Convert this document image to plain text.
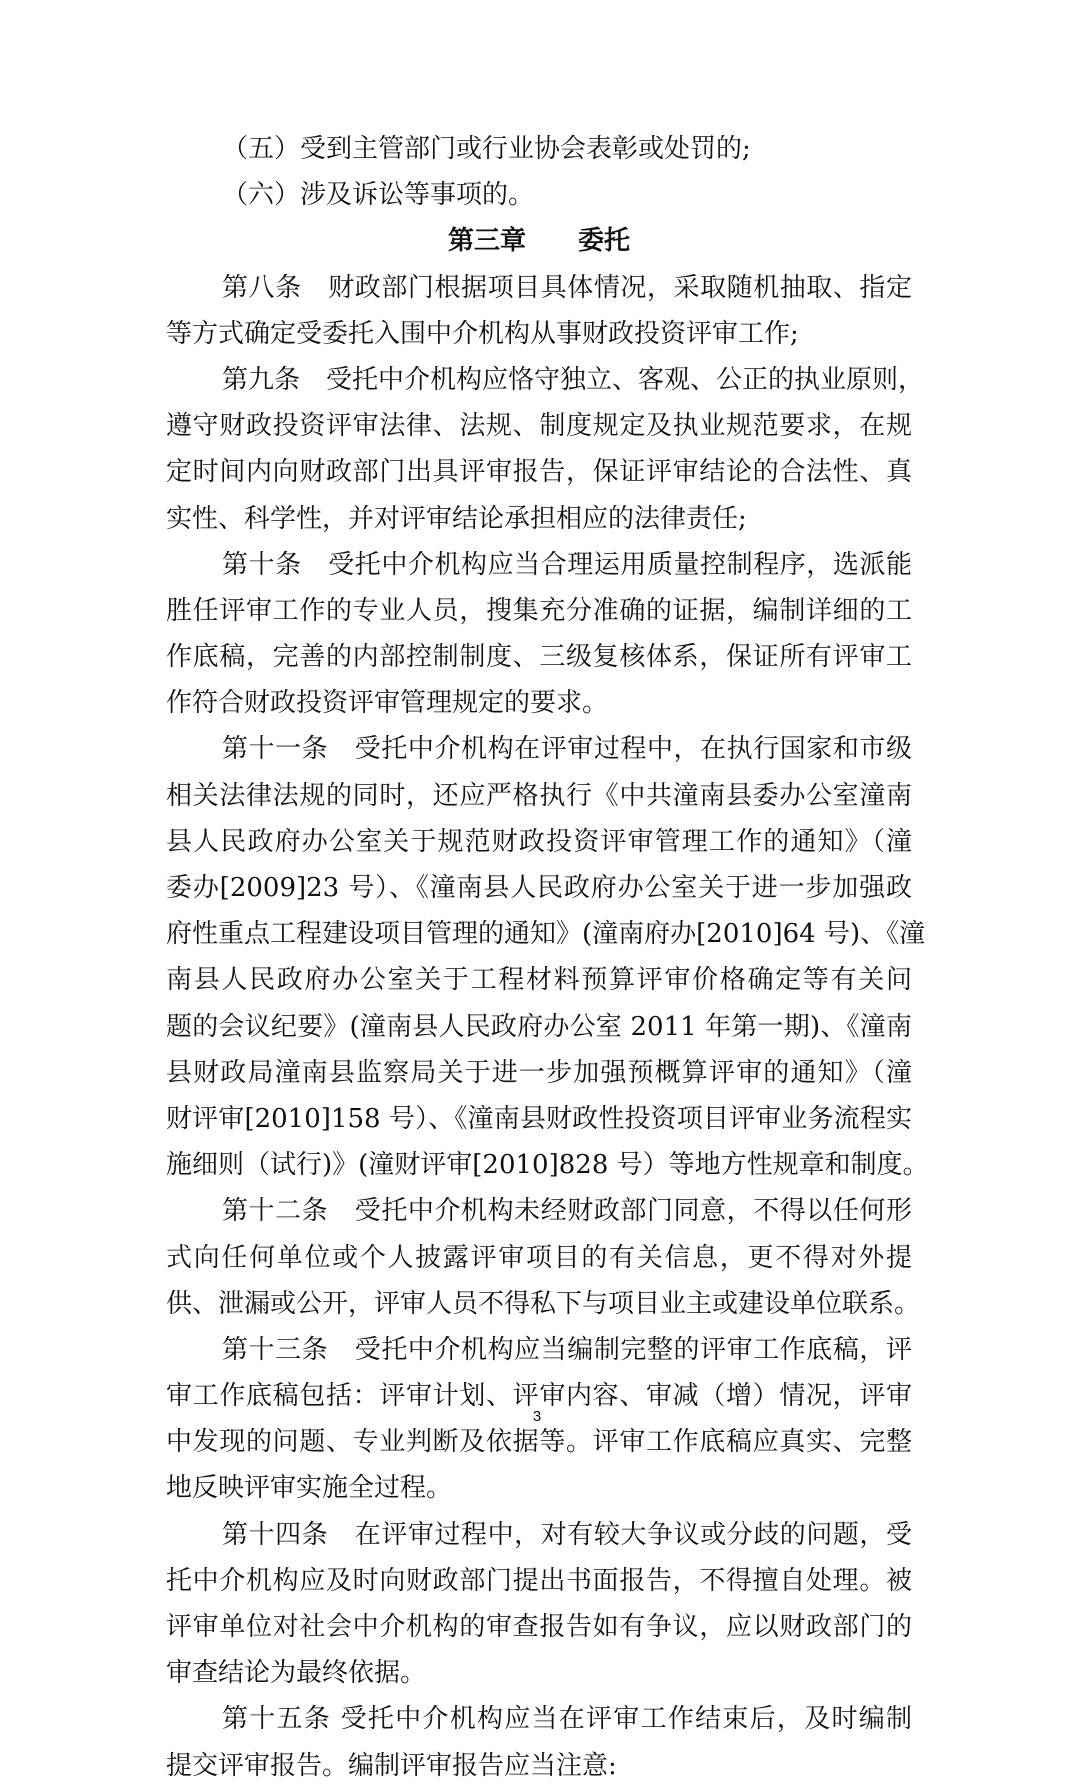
（五）受到主管部门或行业协会表彰或处罚的;
（六）涉及诉讼等事项的。
第三章　　委托
第八条　财政部门根据项目具体情况，采取随机抽取、指定
等方式确定受委托入围中介机构从事财政投资评审工作;
第九条　受托中介机构应恪守独立、客观、公正的执业原则，
遵守财政投资评审法律、法规、制度规定及执业规范要求，在规
定时间内向财政部门出具评审报告，保证评审结论的合法性、真
实性、科学性，并对评审结论承担相应的法律责任;
第十条　受托中介机构应当合理运用质量控制程序，选派能
胜任评审工作的专业人员，搜集充分准确的证据，编制详细的工
作底稿，完善的内部控制制度、三级复核体系，保证所有评审工
作符合财政投资评审管理规定的要求。
第十一条　受托中介机构在评审过程中，在执行国家和市级
相关法律法规的同时，还应严格执行《中共潼南县委办公室潼南
县人民政府办公室关于规范财政投资评审管理工作的通知》（潼
委办[2009]23 号）、《潼南县人民政府办公室关于进一步加强政
府性重点工程建设项目管理的通知》(潼南府办[2010]64 号)、《潼
南县人民政府办公室关于工程材料预算评审价格确定等有关问
题的会议纪要》(潼南县人民政府办公室 2011 年第一期)、《潼南
县财政局潼南县监察局关于进一步加强预概算评审的通知》（潼
财评审[2010]158 号）、《潼南县财政性投资项目评审业务流程实
施细则（试行)》(潼财评审[2010]828 号）等地方性规章和制度。
第十二条　受托中介机构未经财政部门同意，不得以任何形
式向任何单位或个人披露评审项目的有关信息，更不得对外提
供、泄漏或公开，评审人员不得私下与项目业主或建设单位联系。
第十三条　受托中介机构应当编制完整的评审工作底稿，评
审工作底稿包括：评审计划、评审内容、审减（增）情况，评审
中发现的问题、专业判断及依据等。评审工作底稿应真实、完整
地反映评审实施全过程。
第十四条　在评审过程中，对有较大争议或分歧的问题，受
托中介机构应及时向财政部门提出书面报告，不得擅自处理。被
评审单位对社会中介机构的审查报告如有争议，应以财政部门的
审查结论为最终依据。
第十五条 受托中介机构应当在评审工作结束后，及时编制
提交评审报告。编制评审报告应当注意:
3
